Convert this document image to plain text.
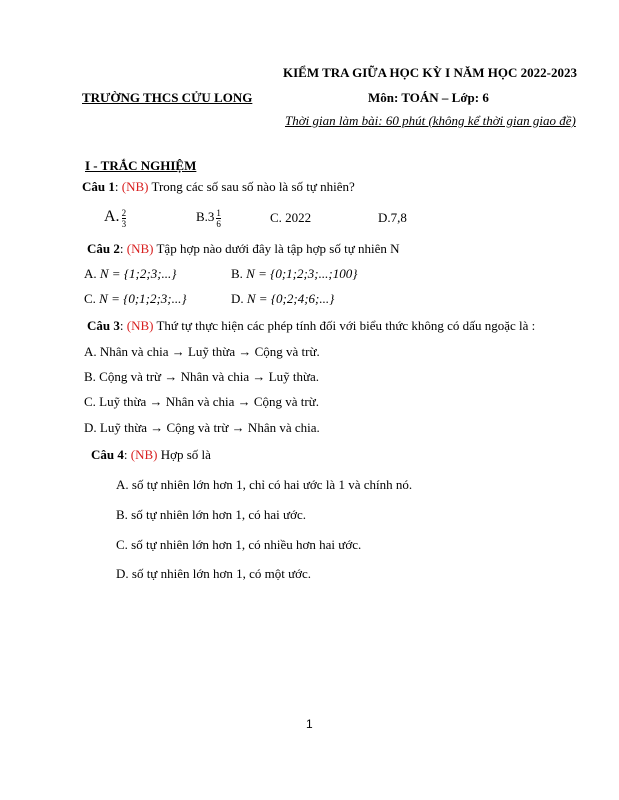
KIỂM TRA GIỮA HỌC KỲ I NĂM HỌC 2022-2023
TRƯỜNG THCS CỬU LONG	Môn: TOÁN – Lớp: 6
Thời gian làm bài: 60 phút (không kể thời gian giao đề)
I - TRẮC NGHIỆM
Câu 1: (NB) Trong các số sau số nào là số tự nhiên?
A. $\frac{2}{3}$	$B.3 \frac{1}{6}$	C. 2022	D.7,8
Câu 2: (NB) Tập hợp nào dưới đây là tập hợp số tự nhiên N
A. N = {1;2;3;...}	B. N = {0;1;2;3;...;100}
C. N = {0;1;2;3;...}	D. N = {0;2;4;6;...}
Câu 3: (NB) Thứ tự thực hiện các phép tính đối với biểu thức không có dấu ngoặc là :
A. Nhân và chia → Luỹ thừa → Cộng và trừ.
B. Cộng và trừ → Nhân và chia → Luỹ thừa.
C. Luỹ thừa → Nhân và chia → Cộng và trừ.
D. Luỹ thừa → Cộng và trừ → Nhân và chia.
Câu 4: (NB) Hợp số là
A. số tự nhiên lớn hơn 1, chỉ có hai ước là 1 và chính nó.
B. số tự nhiên lớn hơn 1, có hai ước.
C. số tự nhiên lớn hơn 1, có nhiều hơn hai ước.
D. số tự nhiên lớn hơn 1, có một ước.
1
